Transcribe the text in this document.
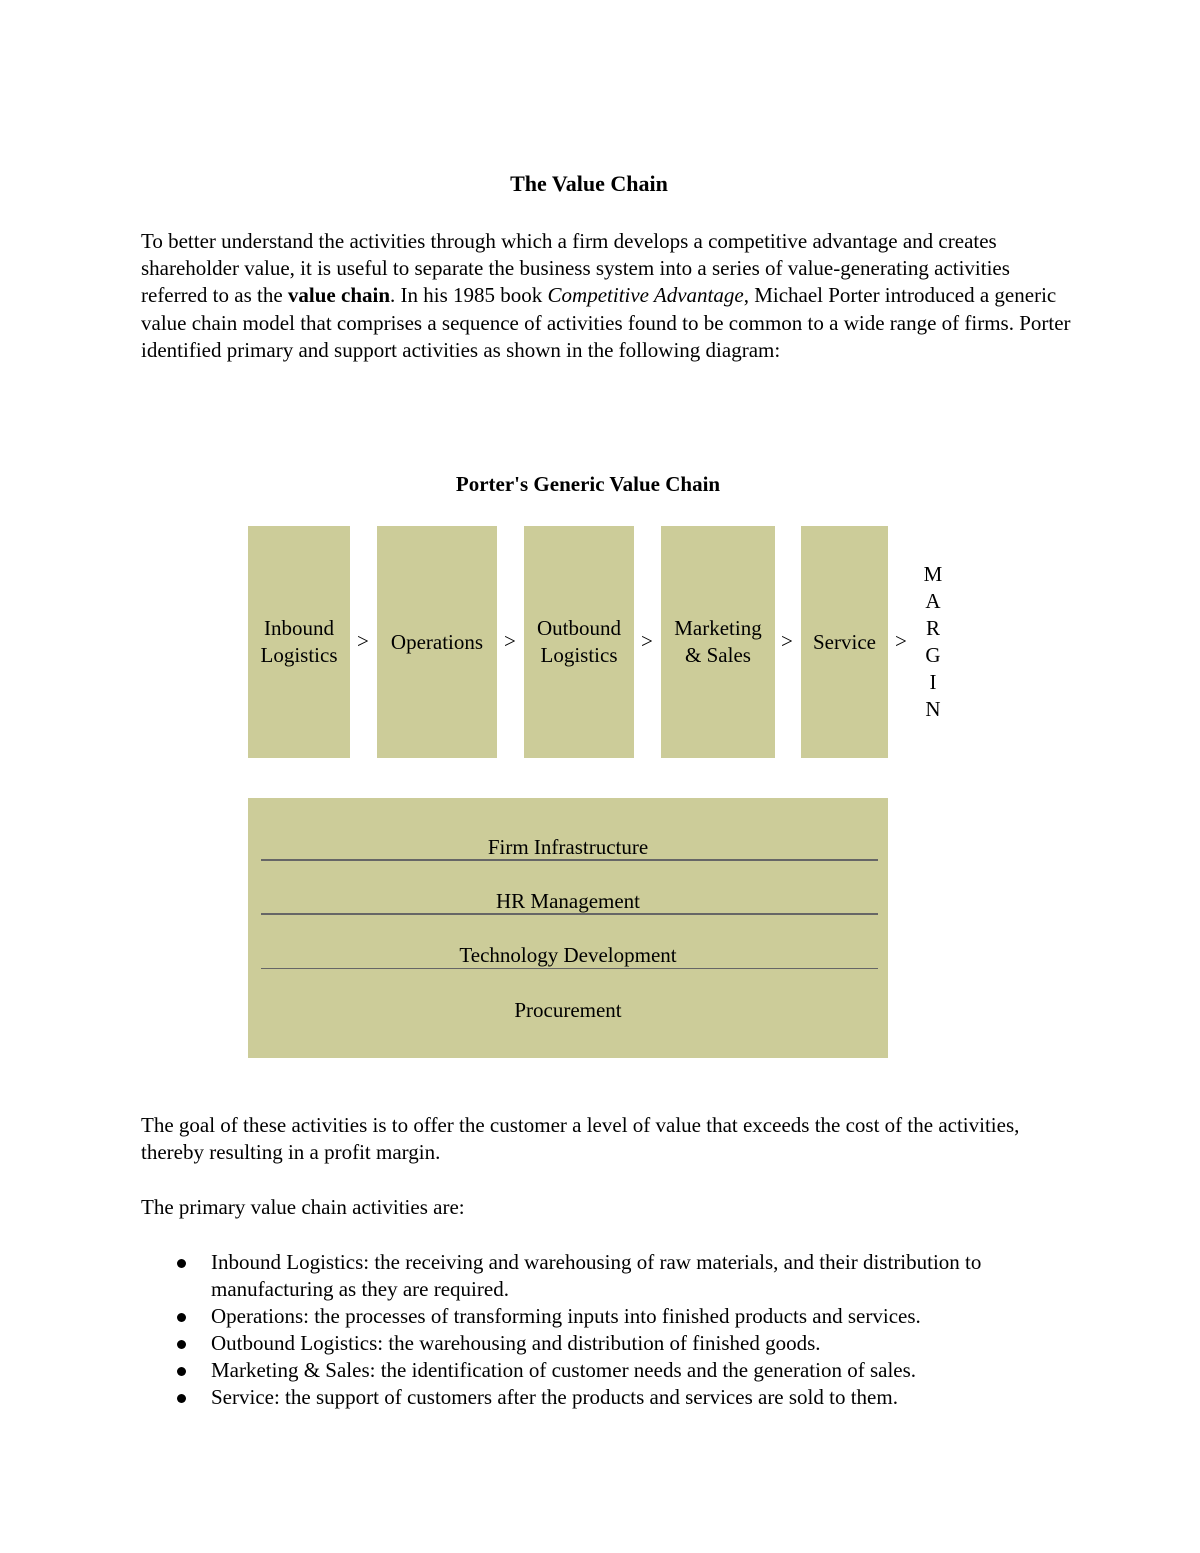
The Value Chain

To better understand the activities through which a firm develops a competitive advantage and creates shareholder value, it is useful to separate the business system into a series of value-generating activities referred to as the value chain. In his 1985 book Competitive Advantage, Michael Porter introduced a generic value chain model that comprises a sequence of activities found to be common to a wide range of firms. Porter identified primary and support activities as shown in the following diagram:

Porter's Generic Value Chain
Inbound Logistics
> Operations >
Outbound Logistics
>
Marketing & Sales
> Service >
M
A
R
G
I
N
Firm Infrastructure
HR Management
Technology Development
Procurement

The goal of these activities is to offer the customer a level of value that exceeds the cost of the activities, thereby resulting in a profit margin.

The primary value chain activities are:

Inbound Logistics: the receiving and warehousing of raw materials, and their distribution to manufacturing as they are required.
Operations: the processes of transforming inputs into finished products and services.
Outbound Logistics: the warehousing and distribution of finished goods.
Marketing & Sales: the identification of customer needs and the generation of sales.
Service: the support of customers after the products and services are sold to them.
